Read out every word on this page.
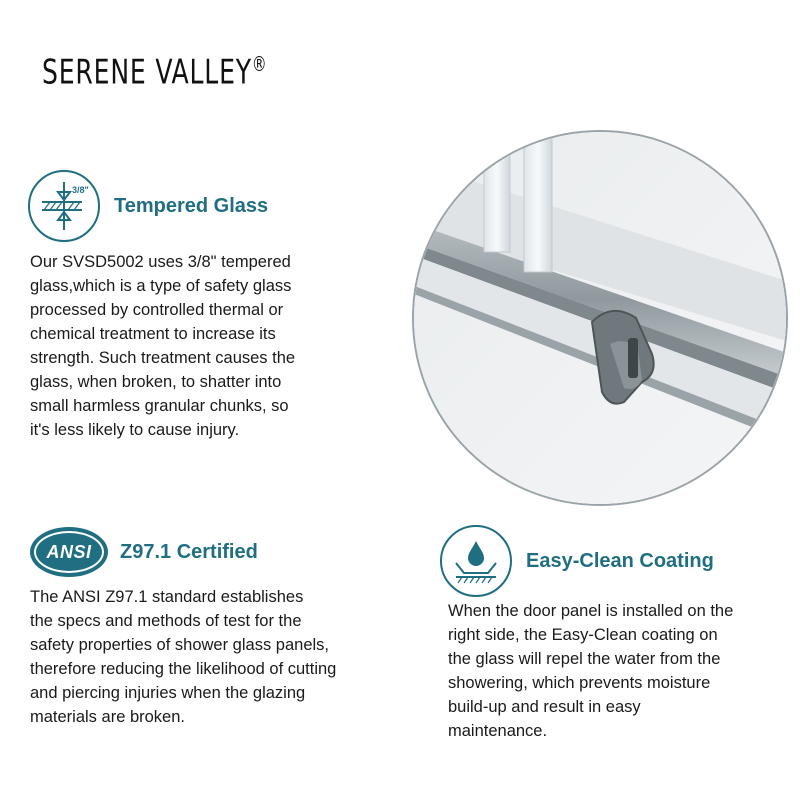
SERENE VALLEY®
3/8"
Tempered Glass
Our SVSD5002 uses 3/8" tempered
glass,which is a type of safety glass
processed by controlled thermal or
chemical treatment to increase its
strength. Such treatment causes the
glass, when broken, to shatter into
small harmless granular chunks, so
it's less likely to cause injury.
ANSI	Z97.1 Certified
The ANSI Z97.1 standard establishes
the specs and methods of test for the
safety properties of shower glass panels,
therefore reducing the likelihood of cutting
and piercing injuries when the glazing
materials are broken.
Easy-Clean Coating
When the door panel is installed on the
right side, the Easy-Clean coating on
the glass will repel the water from the
showering, which prevents moisture
build-up and result in easy
maintenance.
